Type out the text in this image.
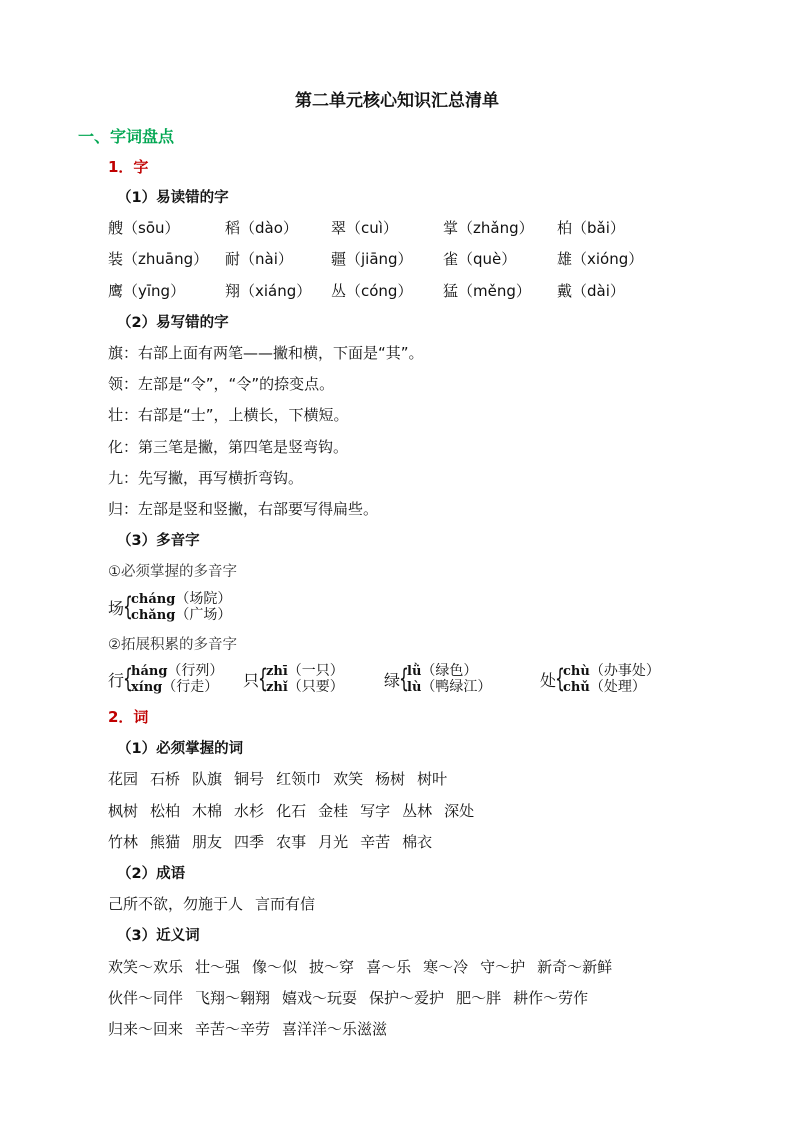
第二单元核心知识汇总清单
一、字词盘点
1．字
（1）易读错的字
艘（sōu）	稻（dào） 翠（cuì）	掌（zhǎng） 柏（bǎi）
装（zhuāng） 耐（nài）	疆（jiāng） 雀（què）	雄（xióng）
鹰（yīng）	翔（xiáng） 丛（cóng） 猛（měng） 戴（dài）
（2）易写错的字
旗：右部上面有两笔——撇和横，下面是“其”。
领：左部是“令”，“令”的捺变点。
壮：右部是“士”，上横长，下横短。
化：第三笔是撇，第四笔是竖弯钩。
九：先写撇，再写横折弯钩。
归：左部是竖和竖撇，右部要写得扁些。
（3）多音字
①必须掌握的多音字
场
{
cháng（场院）
chǎng（广场）
②拓展积累的多音字
行
{
háng（行列）
xíng（行走） 只
{
zhī（一只）
zhǐ（只要）	绿
{
lǜ（绿色）
lù（鸭绿江）	处
{
chù（办事处）
chǔ（处理）
2．词
（1）必须掌握的词
花园 石桥 队旗 铜号 红领巾 欢笑 杨树 树叶
枫树 松柏 木棉 水杉 化石 金桂 写字 丛林 深处
竹林 熊猫 朋友 四季 农事 月光 辛苦 棉衣
（2）成语
己所不欲，勿施于人 言而有信
（3）近义词
欢笑～欢乐 壮～强 像～似 披～穿 喜～乐 寒～冷 守～护 新奇～新鲜
伙伴～同伴 飞翔～翱翔 嬉戏～玩耍 保护～爱护 肥～胖 耕作～劳作
归来～回来 辛苦～辛劳 喜洋洋～乐滋滋
